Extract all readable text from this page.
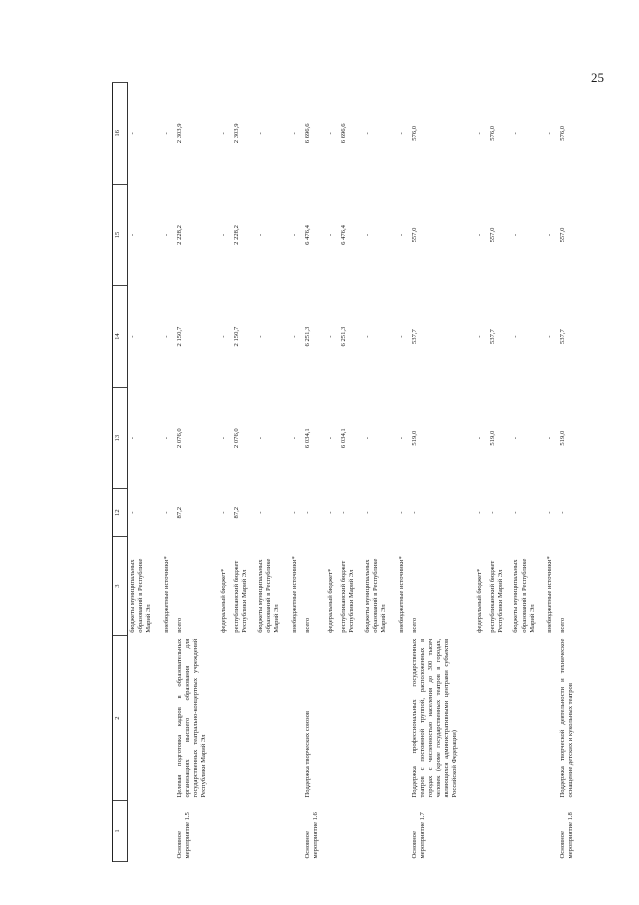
25
1	2	3	12	13	14	15	16
		бюджеты муниципальных образований в Республике Марий Эл	-	-	-	-	-
		внебюджетные источники*	-	-	-	-	-
Основное мероприятие 1.5	Целевая подготовка кадров в образовательных организациях высшего образования для государственных театрально-концертных учреждений Республики Марий Эл	всего	87,2	2 076,0	2 150,7	2 228,2	2 303,9
		федеральный бюджет*	-	-	-	-	-
		республиканский бюджет Республики Марий Эл	87,2	2 076,0	2 150,7	2 228,2	2 303,9
		бюджеты муниципальных образований в Республике Марий Эл	-	-	-	-	-
		внебюджетные источники*	-	-	-	-	-
Основное мероприятие 1.6	Поддержка творческих союзов	всего	-	6 034,1	6 251,3	6 476,4	6 696,6
		федеральный бюджет*	-	-	-	-	-
		республиканский бюджет Республики Марий Эл	-	6 034,1	6 251,3	6 476,4	6 696,6
		бюджеты муниципальных образований в Республике Марий Эл	-	-	-	-	-
		внебюджетные источники*	-	-	-	-	-
Основное мероприятие 1.7	Поддержка профессиональных государственных театров с постоянной труппой, расположенных в городах с численностью населения до 300 тысяч человек (кроме государственных театров в городах, являющихся административными центрами субъектов Российской Федерации)	всего	-	519,0	537,7	557,0	576,0
		федеральный бюджет*	-	-	-	-	-
		республиканский бюджет Республики Марий Эл	-	519,0	537,7	557,0	576,0
		бюджеты муниципальных образований в Республике Марий Эл	-	-	-	-	-
		внебюджетные источники*	-	-	-	-	-
Основное мероприятие 1.8	Поддержка творческой деятельности и техническое оснащение детских и кукольных театров	всего	-	519,0	537,7	557,0	576,0
